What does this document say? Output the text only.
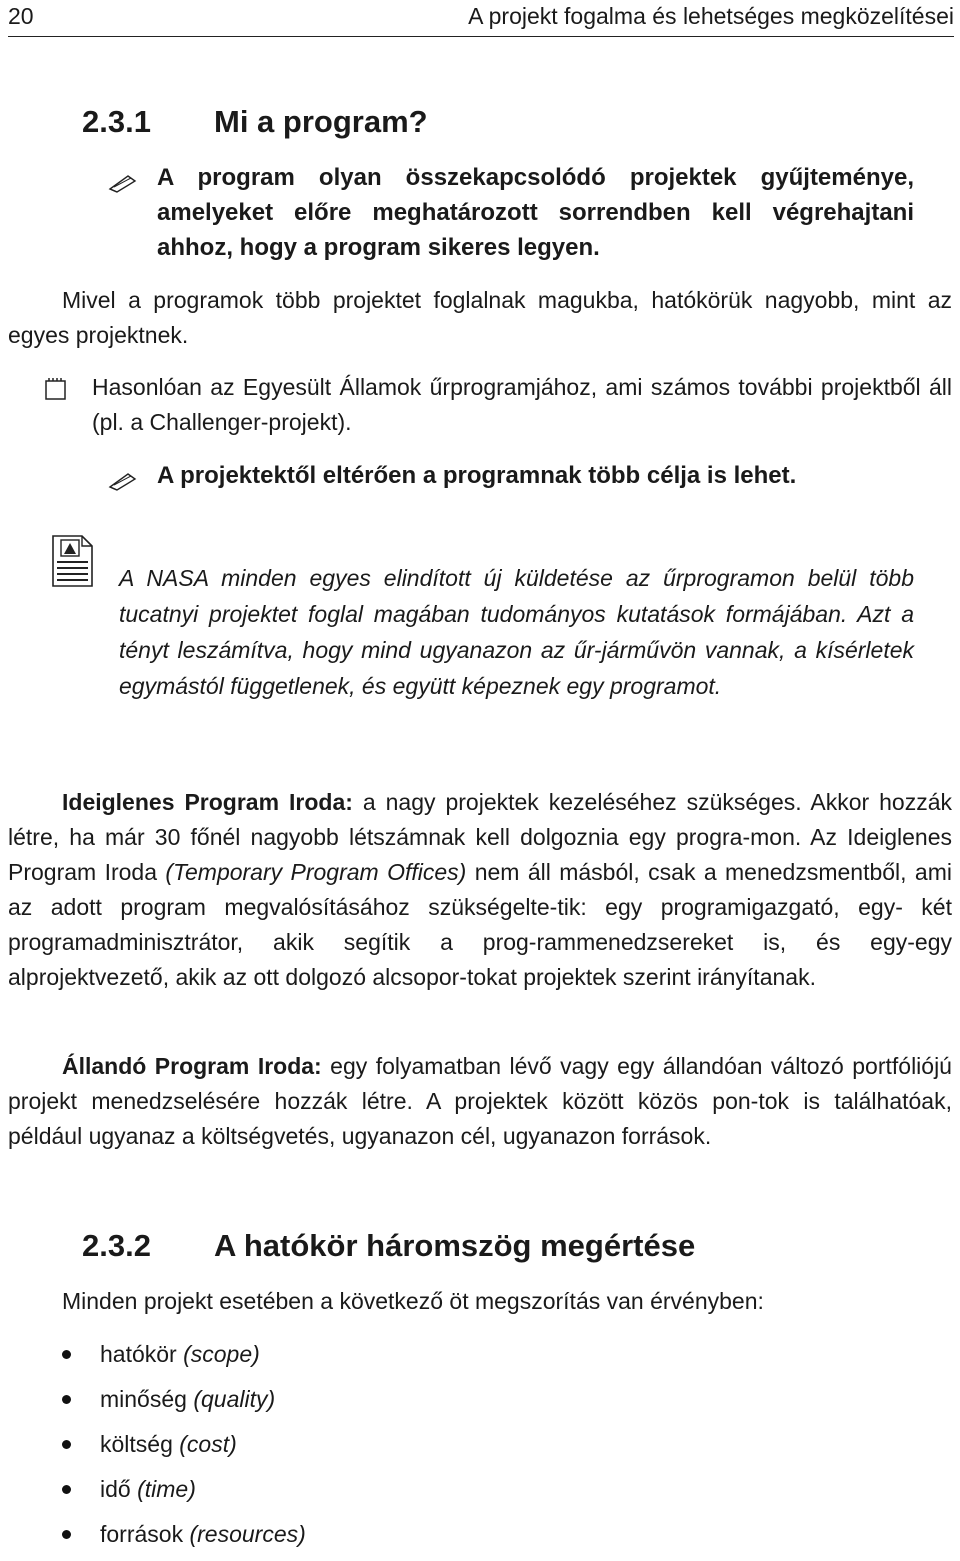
20	A projekt fogalma és lehetséges megközelítései
2.3.1 Mi a program?
A program olyan összekapcsolódó projektek gyűjteménye, amelyeket előre meghatározott sorrendben kell végrehajtani ahhoz, hogy a program sikeres legyen.
Mivel a programok több projektet foglalnak magukba, hatókörük nagyobb, mint az egyes projektnek.
Hasonlóan az Egyesült Államok űrprogramjához, ami számos további projektből áll (pl. a Challenger-projekt).
A projektektől eltérően a programnak több célja is lehet.
A NASA minden egyes elindított új küldetése az űrprogramon belül több tucatnyi projektet foglal magában tudományos kutatások formájában. Azt a tényt leszámítva, hogy mind ugyanazon az űr-járművön vannak, a kísérletek egymástól függetlenek, és együtt képeznek egy programot.
Ideiglenes Program Iroda: a nagy projektek kezeléséhez szükséges. Akkor hozzák létre, ha már 30 főnél nagyobb létszámnak kell dolgoznia egy progra-mon. Az Ideiglenes Program Iroda (Temporary Program Offices) nem áll másból, csak a menedzsmentből, ami az adott program megvalósításához szükségelte-tik: egy programigazgató, egy- két programadminisztrátor, akik segítik a prog-rammenedzsereket is, és egy-egy alprojektvezető, akik az ott dolgozó alcsopor-tokat projektek szerint irányítanak.
Állandó Program Iroda: egy folyamatban lévő vagy egy állandóan változó portfóliójú projekt menedzselésére hozzák létre. A projektek között közös pon-tok is találhatóak, például ugyanaz a költségvetés, ugyanazon cél, ugyanazon források.
2.3.2 A hatókör háromszög megértése
Minden projekt esetében a következő öt megszorítás van érvényben:
hatókör (scope)
minőség (quality)
költség (cost)
idő (time)
források (resources)
